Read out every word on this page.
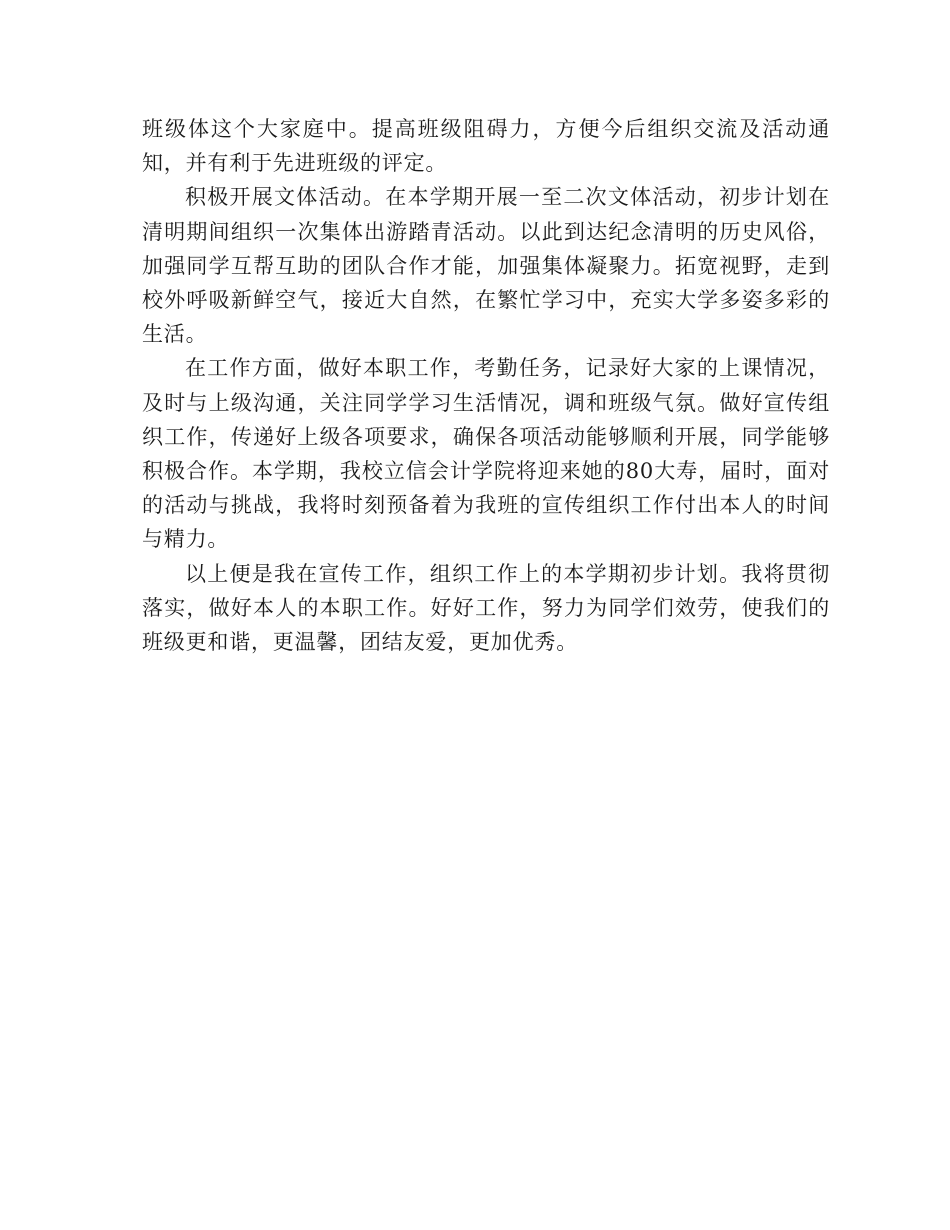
班级体这个大家庭中。提高班级阻碍力，方便今后组织交流及活动通知，并有利于先进班级的评定。

积极开展文体活动。在本学期开展一至二次文体活动，初步计划在清明期间组织一次集体出游踏青活动。以此到达纪念清明的历史风俗，加强同学互帮互助的团队合作才能，加强集体凝聚力。拓宽视野，走到校外呼吸新鲜空气，接近大自然，在繁忙学习中，充实大学多姿多彩的生活。

在工作方面，做好本职工作，考勤任务，记录好大家的上课情况，及时与上级沟通，关注同学学习生活情况，调和班级气氛。做好宣传组织工作，传递好上级各项要求，确保各项活动能够顺利开展，同学能够积极合作。本学期，我校立信会计学院将迎来她的80大寿，届时，面对的活动与挑战，我将时刻预备着为我班的宣传组织工作付出本人的时间与精力。

以上便是我在宣传工作，组织工作上的本学期初步计划。我将贯彻落实，做好本人的本职工作。好好工作，努力为同学们效劳，使我们的班级更和谐，更温馨，团结友爱，更加优秀。
